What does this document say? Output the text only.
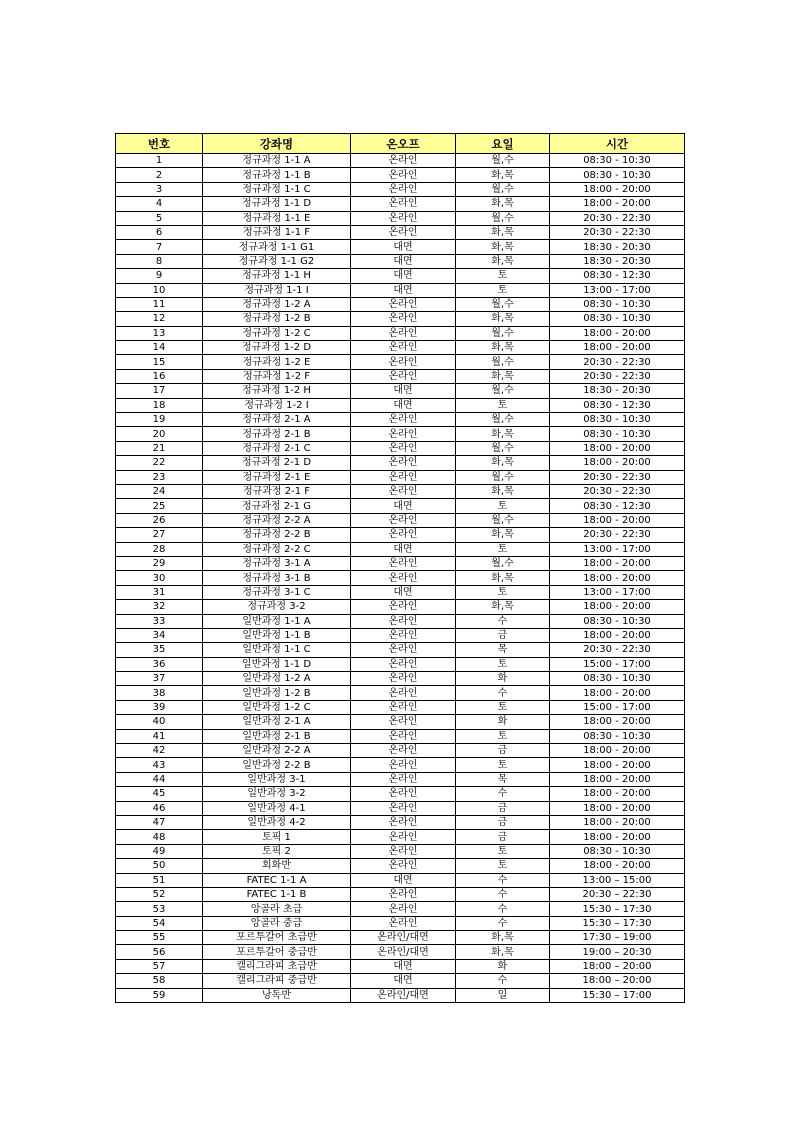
번호	강좌명	온오프	요일	시간
1	정규과정 1-1 A	온라인	월,수	08:30 - 10:30
2	정규과정 1-1 B	온라인	화,목	08:30 - 10:30
3	정규과정 1-1 C	온라인	월,수	18:00 - 20:00
4	정규과정 1-1 D	온라인	화,목	18:00 - 20:00
5	정규과정 1-1 E	온라인	월,수	20:30 - 22:30
6	정규과정 1-1 F	온라인	화,목	20:30 - 22:30
7	정규과정 1-1 G1	대면	화,목	18:30 - 20:30
8	정규과정 1-1 G2	대면	화,목	18:30 - 20:30
9	정규과정 1-1 H	대면	토	08:30 - 12:30
10	정규과정 1-1 I	대면	토	13:00 - 17:00
11	정규과정 1-2 A	온라인	월,수	08:30 - 10:30
12	정규과정 1-2 B	온라인	화,목	08:30 - 10:30
13	정규과정 1-2 C	온라인	월,수	18:00 - 20:00
14	정규과정 1-2 D	온라인	화,목	18:00 - 20:00
15	정규과정 1-2 E	온라인	월,수	20:30 - 22:30
16	정규과정 1-2 F	온라인	화,목	20:30 - 22:30
17	정규과정 1-2 H	대면	월,수	18:30 - 20:30
18	정규과정 1-2 I	대면	토	08:30 - 12:30
19	정규과정 2-1 A	온라인	월,수	08:30 - 10:30
20	정규과정 2-1 B	온라인	화,목	08:30 - 10:30
21	정규과정 2-1 C	온라인	월,수	18:00 - 20:00
22	정규과정 2-1 D	온라인	화,목	18:00 - 20:00
23	정규과정 2-1 E	온라인	월,수	20:30 - 22:30
24	정규과정 2-1 F	온라인	화,목	20:30 - 22:30
25	정규과정 2-1 G	대면	토	08:30 - 12:30
26	정규과정 2-2 A	온라인	월,수	18:00 - 20:00
27	정규과정 2-2 B	온라인	화,목	20:30 - 22:30
28	정규과정 2-2 C	대면	토	13:00 - 17:00
29	정규과정 3-1 A	온라인	월,수	18:00 - 20:00
30	정규과정 3-1 B	온라인	화,목	18:00 - 20:00
31	정규과정 3-1 C	대면	토	13:00 - 17:00
32	정규과정 3-2	온라인	화,목	18:00 - 20:00
33	일반과정 1-1 A	온라인	수	08:30 - 10:30
34	일반과정 1-1 B	온라인	금	18:00 - 20:00
35	일반과정 1-1 C	온라인	목	20:30 - 22:30
36	일반과정 1-1 D	온라인	토	15:00 - 17:00
37	일반과정 1-2 A	온라인	화	08:30 - 10:30
38	일반과정 1-2 B	온라인	수	18:00 - 20:00
39	일반과정 1-2 C	온라인	토	15:00 - 17:00
40	일반과정 2-1 A	온라인	화	18:00 - 20:00
41	일반과정 2-1 B	온라인	토	08:30 - 10:30
42	일반과정 2-2 A	온라인	금	18:00 - 20:00
43	일반과정 2-2 B	온라인	토	18:00 - 20:00
44	일반과정 3-1	온라인	목	18:00 - 20:00
45	일반과정 3-2	온라인	수	18:00 - 20:00
46	일반과정 4-1	온라인	금	18:00 - 20:00
47	일반과정 4-2	온라인	금	18:00 - 20:00
48	토픽 1	온라인	금	18:00 - 20:00
49	토픽 2	온라인	토	08:30 - 10:30
50	회화반	온라인	토	18:00 - 20:00
51	FATEC 1-1 A	대면	수	13:00 – 15:00
52	FATEC 1-1 B	온라인	수	20:30 – 22:30
53	앙골라 초급	온라인	수	15:30 – 17:30
54	앙골라 중급	온라인	수	15:30 – 17:30
55	포르투갈어 초급반	온라인/대면	화,목	17:30 – 19:00
56	포르투갈어 중급반	온라인/대면	화,목	19:00 – 20:30
57	캘리그라피 초급반	대면	화	18:00 – 20:00
58	캘리그라피 중급반	대면	수	18:00 – 20:00
59	낭독반	온라인/대면	일	15:30 – 17:00
